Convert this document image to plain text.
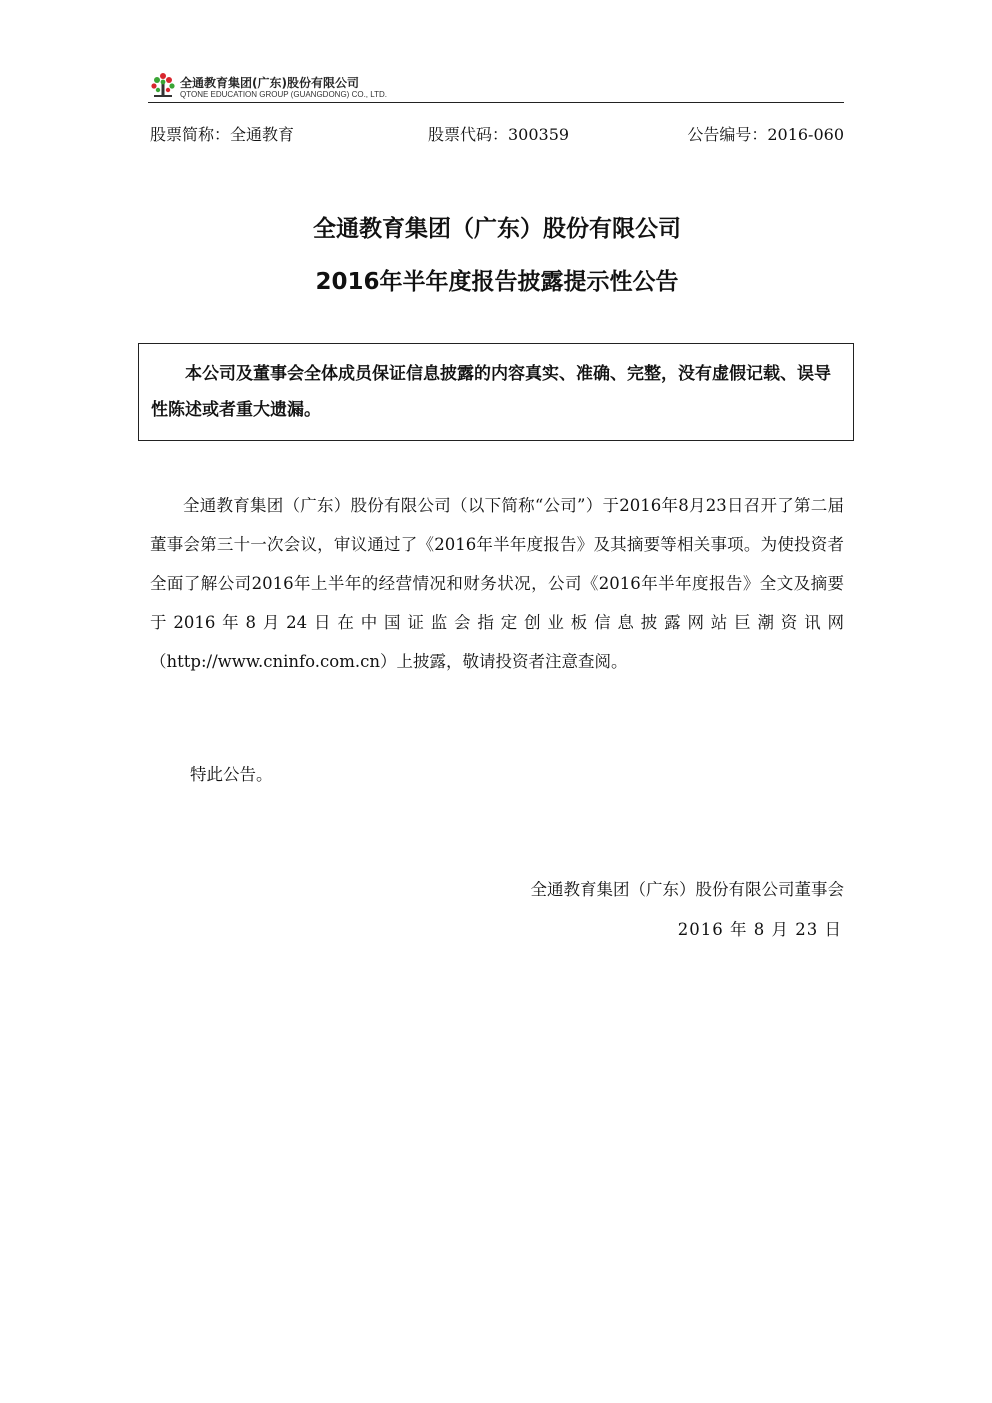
全通教育集团(广东)股份有限公司
QTONE EDUCATION GROUP (GUANGDONG) CO., LTD.
股票简称：全通教育	股票代码：300359	公告编号：2016-060
全通教育集团（广东）股份有限公司
2016年半年度报告披露提示性公告
本公司及董事会全体成员保证信息披露的内容真实、准确、完整，没有虚假记载、误导性陈述或者重大遗漏。
全通教育集团（广东）股份有限公司（以下简称“公司”）于2016年8月23日召开了第二届董事会第三十一次会议，审议通过了《2016年半年度报告》及其摘要等相关事项。为使投资者全面了解公司2016年上半年的经营情况和财务状况，公司《2016年半年度报告》全文及摘要于2016年8月24日在中国证监会指定创业板信息披露网站巨潮资讯网（http://www.cninfo.com.cn）上披露，敬请投资者注意查阅。
特此公告。
全通教育集团（广东）股份有限公司董事会
2016 年 8 月 23 日
